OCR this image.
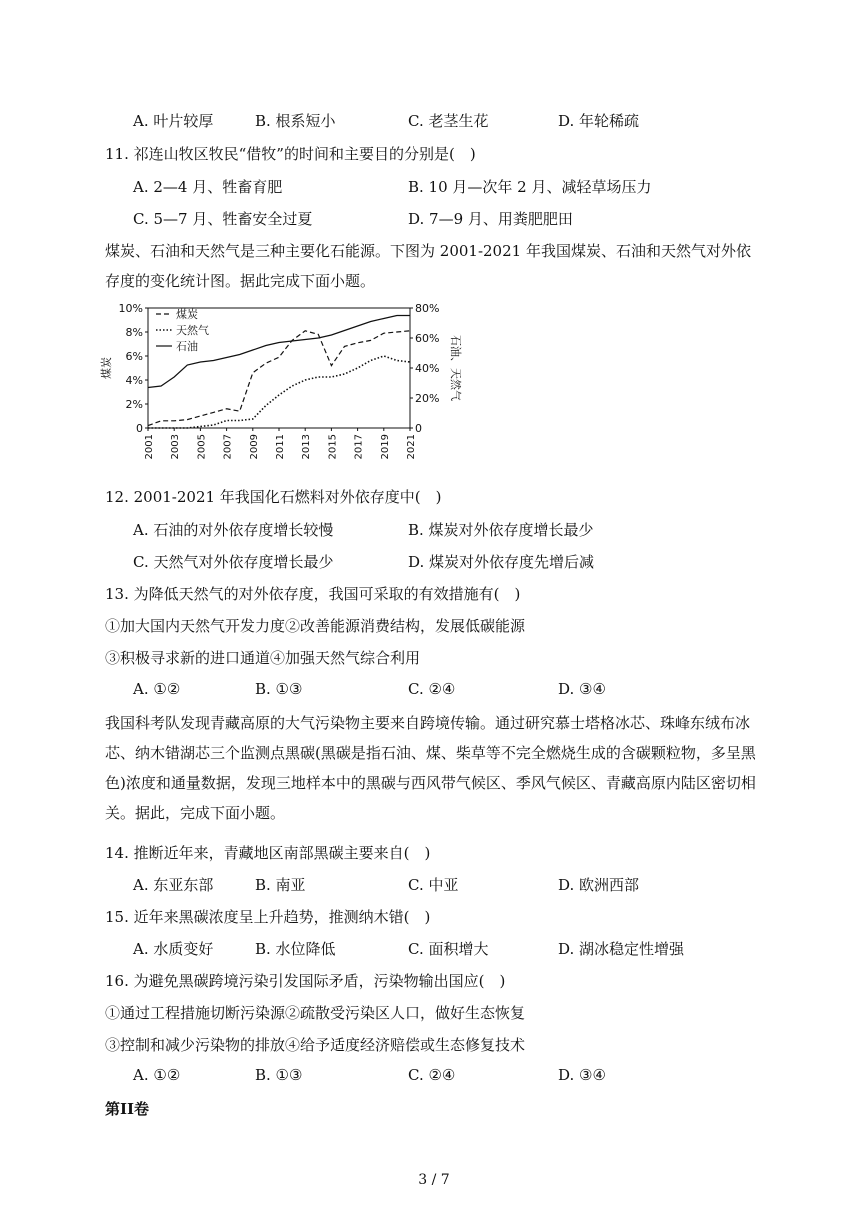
A. 叶片较厚	B. 根系短小	C. 老茎生花	D. 年轮稀疏
11. 祁连山牧区牧民“借牧”的时间和主要目的分别是(　)
A. 2—4 月、牲畜育肥	B. 10 月—次年 2 月、减轻草场压力
C. 5—7 月、牲畜安全过夏	D. 7—9 月、用粪肥肥田
煤炭、石油和天然气是三种主要化石能源。下图为 2001-2021 年我国煤炭、石油和天然气对外依存度的变化统计图。据此完成下面小题。
0
2%
4%
6%
8%
10%
0
20%
40%
60%
80%
2001 2003 2005 2007 2009 2011 2013 2015 2017 2019 2021
煤炭	石油、天然气
煤炭
天然气
石油
12. 2001-2021 年我国化石燃料对外依存度中(　)
A. 石油的对外依存度增长较慢	B. 煤炭对外依存度增长最少
C. 天然气对外依存度增长最少	D. 煤炭对外依存度先增后减
13. 为降低天然气的对外依存度，我国可采取的有效措施有(　)
①加大国内天然气开发力度②改善能源消费结构，发展低碳能源
③积极寻求新的进口通道④加强天然气综合利用
A. ①②	B. ①③	C. ②④	D. ③④
我国科考队发现青藏高原的大气污染物主要来自跨境传输。通过研究慕士塔格冰芯、珠峰东绒布冰芯、纳木错湖芯三个监测点黑碳(黑碳是指石油、煤、柴草等不完全燃烧生成的含碳颗粒物，多呈黑色)浓度和通量数据，发现三地样本中的黑碳与西风带气候区、季风气候区、青藏高原内陆区密切相关。据此，完成下面小题。
14. 推断近年来，青藏地区南部黑碳主要来自(　)
A. 东亚东部	B. 南亚	C. 中亚	D. 欧洲西部
15. 近年来黑碳浓度呈上升趋势，推测纳木错(　)
A. 水质变好	B. 水位降低	C. 面积增大	D. 湖冰稳定性增强
16. 为避免黑碳跨境污染引发国际矛盾，污染物输出国应(　)
①通过工程措施切断污染源②疏散受污染区人口，做好生态恢复
③控制和减少污染物的排放④给予适度经济赔偿或生态修复技术
A. ①②	B. ①③	C. ②④	D. ③④
第II卷
3 / 7
